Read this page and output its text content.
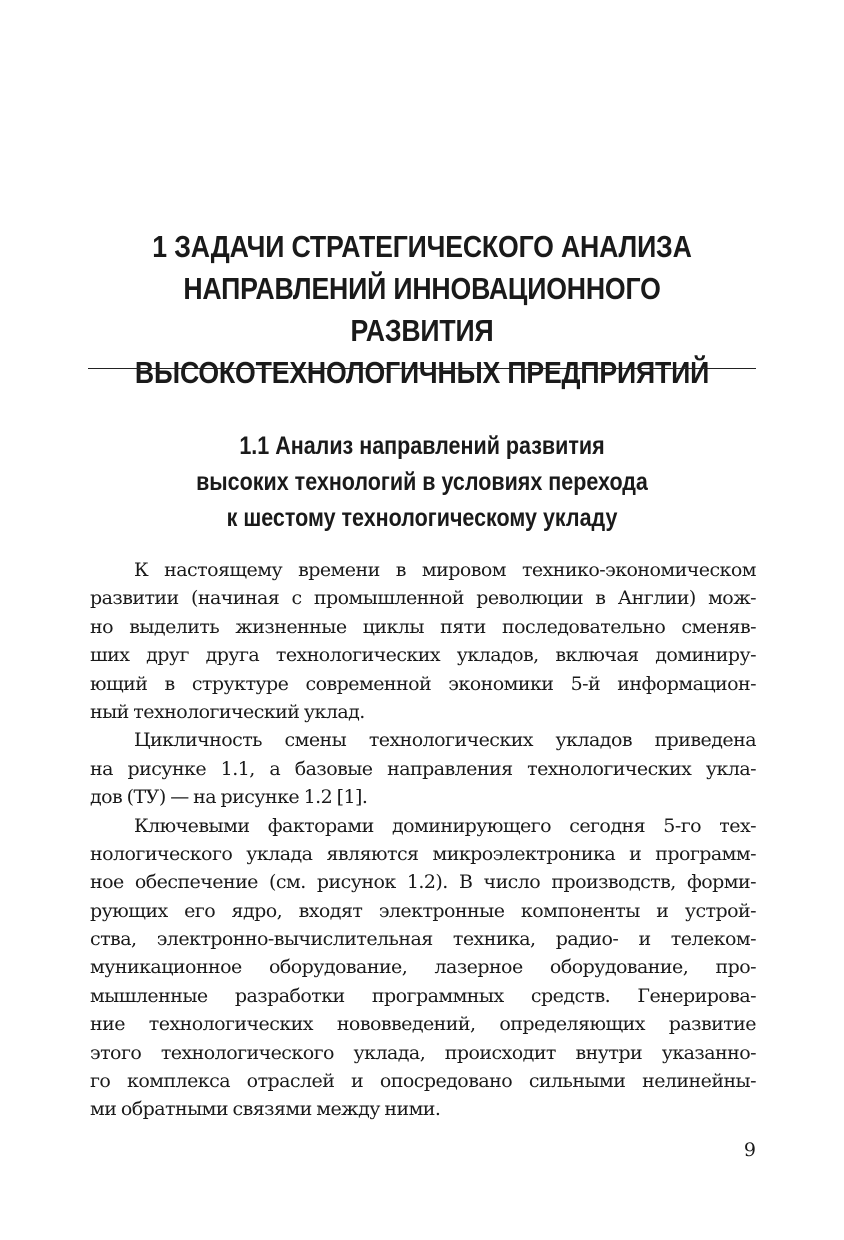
1 ЗАДАЧИ СТРАТЕГИЧЕСКОГО АНАЛИЗА
НАПРАВЛЕНИЙ ИННОВАЦИОННОГО РАЗВИТИЯ
ВЫСОКОТЕХНОЛОГИЧНЫХ ПРЕДПРИЯТИЙ
1.1 Анализ направлений развития
высоких технологий в условиях перехода
к шестому технологическому укладу
К настоящему времени в мировом технико-экономическом
развитии (начиная с промышленной революции в Англии) мож-
но выделить жизненные циклы пяти последовательно сменяв-
ших друг друга технологических укладов, включая доминиру-
ющий в структуре современной экономики 5-й информацион-
ный технологический уклад.
Цикличность смены технологических укладов приведена
на рисунке 1.1, а базовые направления технологических укла-
дов (ТУ) — на рисунке 1.2 [1].
Ключевыми факторами доминирующего сегодня 5-го тех-
нологического уклада являются микроэлектроника и программ-
ное обеспечение (см. рисунок 1.2). В число производств, форми-
рующих его ядро, входят электронные компоненты и устрой-
ства, электронно-вычислительная техника, радио- и телеком-
муникационное оборудование, лазерное оборудование, про-
мышленные разработки программных средств. Генерирова-
ние технологических нововведений, определяющих развитие
этого технологического уклада, происходит внутри указанно-
го комплекса отраслей и опосредовано сильными нелинейны-
ми обратными связями между ними.
9
